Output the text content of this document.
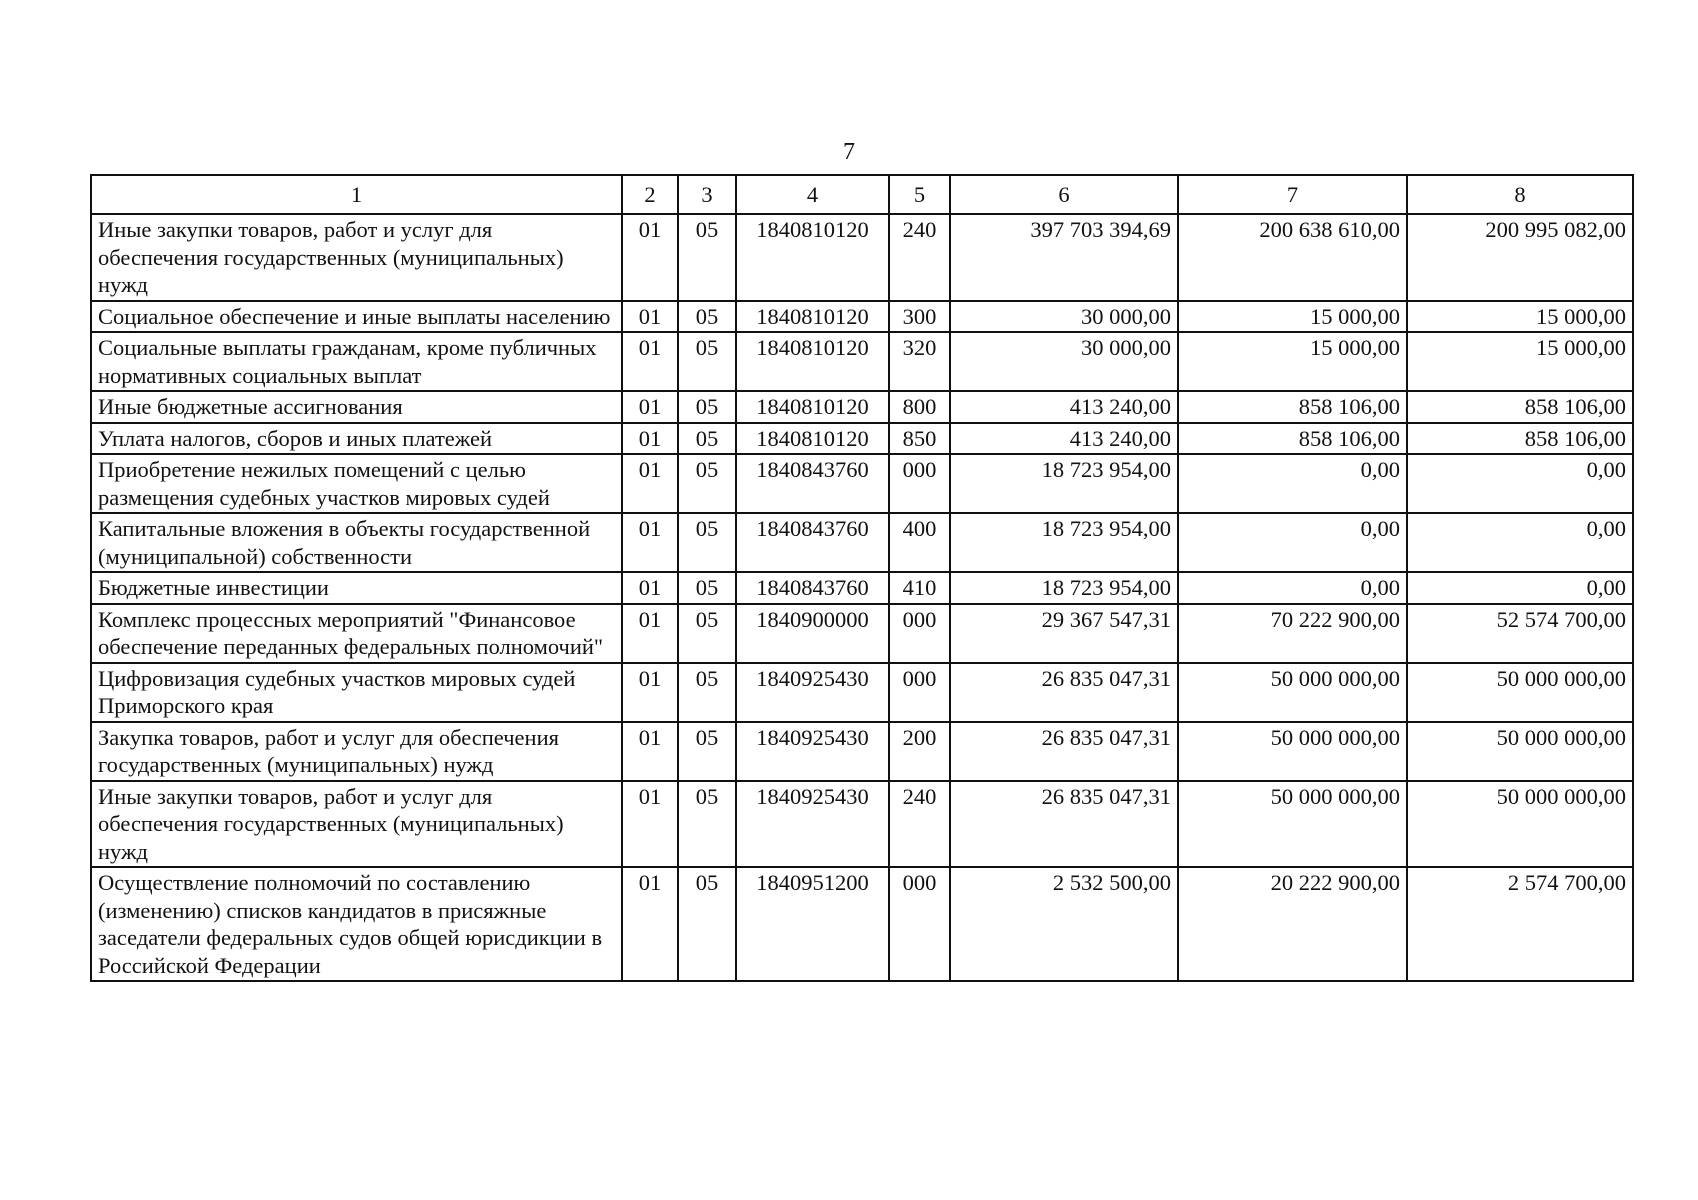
7
1	2	3	4	5	6	7	8
Иные закупки товаров, работ и услуг для обеспечения государственных (муниципальных) нужд	01	05	1840810120	240	397 703 394,69	200 638 610,00	200 995 082,00
Социальное обеспечение и иные выплаты населению	01	05	1840810120	300	30 000,00	15 000,00	15 000,00
Социальные выплаты гражданам, кроме публичных нормативных социальных выплат	01	05	1840810120	320	30 000,00	15 000,00	15 000,00
Иные бюджетные ассигнования	01	05	1840810120	800	413 240,00	858 106,00	858 106,00
Уплата налогов, сборов и иных платежей	01	05	1840810120	850	413 240,00	858 106,00	858 106,00
Приобретение нежилых помещений с целью размещения судебных участков мировых судей	01	05	1840843760	000	18 723 954,00	0,00	0,00
Капитальные вложения в объекты государственной (муниципальной) собственности	01	05	1840843760	400	18 723 954,00	0,00	0,00
Бюджетные инвестиции	01	05	1840843760	410	18 723 954,00	0,00	0,00
Комплекс процессных мероприятий "Финансовое обеспечение переданных федеральных полномочий"	01	05	1840900000	000	29 367 547,31	70 222 900,00	52 574 700,00
Цифровизация судебных участков мировых судей Приморского края	01	05	1840925430	000	26 835 047,31	50 000 000,00	50 000 000,00
Закупка товаров, работ и услуг для обеспечения государственных (муниципальных) нужд	01	05	1840925430	200	26 835 047,31	50 000 000,00	50 000 000,00
Иные закупки товаров, работ и услуг для обеспечения государственных (муниципальных) нужд	01	05	1840925430	240	26 835 047,31	50 000 000,00	50 000 000,00
Осуществление полномочий по составлению (изменению) списков кандидатов в присяжные заседатели федеральных судов общей юрисдикции в Российской Федерации	01	05	1840951200	000	2 532 500,00	20 222 900,00	2 574 700,00
